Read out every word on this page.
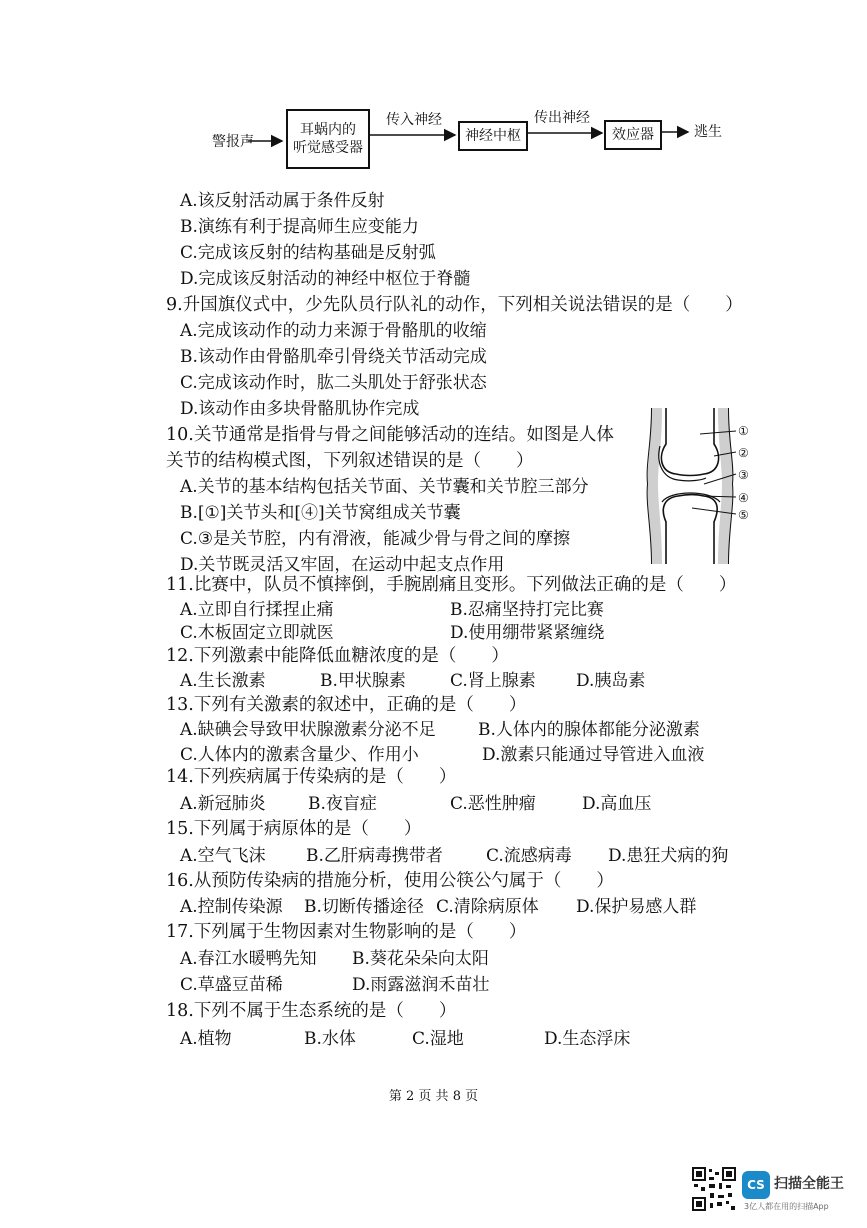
警报声
耳蜗内的
听觉感受器
传入神经
神经中枢
传出神经
效应器	逃生
A.该反射活动属于条件反射
B.演练有利于提高师生应变能力
C.完成该反射的结构基础是反射弧
D.完成该反射活动的神经中枢位于脊髓
9.升国旗仪式中，少先队员行队礼的动作，下列相关说法错误的是（　　）
A.完成该动作的动力来源于骨骼肌的收缩
B.该动作由骨骼肌牵引骨绕关节活动完成
C.完成该动作时，肱二头肌处于舒张状态
D.该动作由多块骨骼肌协作完成
10.关节通常是指骨与骨之间能够活动的连结。如图是人体
关节的结构模式图，下列叙述错误的是（　　）
A.关节的基本结构包括关节面、关节囊和关节腔三部分
B.[①]关节头和[④]关节窝组成关节囊
C.③是关节腔，内有滑液，能减少骨与骨之间的摩擦
D.关节既灵活又牢固，在运动中起支点作用
①
②
③
④
⑤
11.比赛中，队员不慎摔倒，手腕剧痛且变形。下列做法正确的是（　　）
A.立即自行揉捏止痛	B.忍痛坚持打完比赛
C.木板固定立即就医	D.使用绷带紧紧缠绕
12.下列激素中能降低血糖浓度的是（　　）
A.生长激素	B.甲状腺素	C.肾上腺素 D.胰岛素
13.下列有关激素的叙述中，正确的是（　　）
A.缺碘会导致甲状腺激素分泌不足 B.人体内的腺体都能分泌激素
C.人体内的激素含量少、作用小	D.激素只能通过导管进入血液
14.下列疾病属于传染病的是（　　）
A.新冠肺炎 B.夜盲症	C.恶性肿瘤	D.高血压
15.下列属于病原体的是（　　）
A.空气飞沫 B.乙肝病毒携带者	C.流感病毒 D.患狂犬病的狗
16.从预防传染病的措施分析，使用公筷公勺属于（　　）
A.控制传染源 B.切断传播途径 C.清除病原体 D.保护易感人群
17.下列属于生物因素对生物影响的是（　　）
A.春江水暖鸭先知 B.葵花朵朵向太阳
C.草盛豆苗稀	D.雨露滋润禾苗壮
18.下列不属于生态系统的是（　　）
A.植物	B.水体	C.湿地	D.生态浮床
第 2 页 共 8 页
CS 扫描全能王
3亿人都在用的扫描App
